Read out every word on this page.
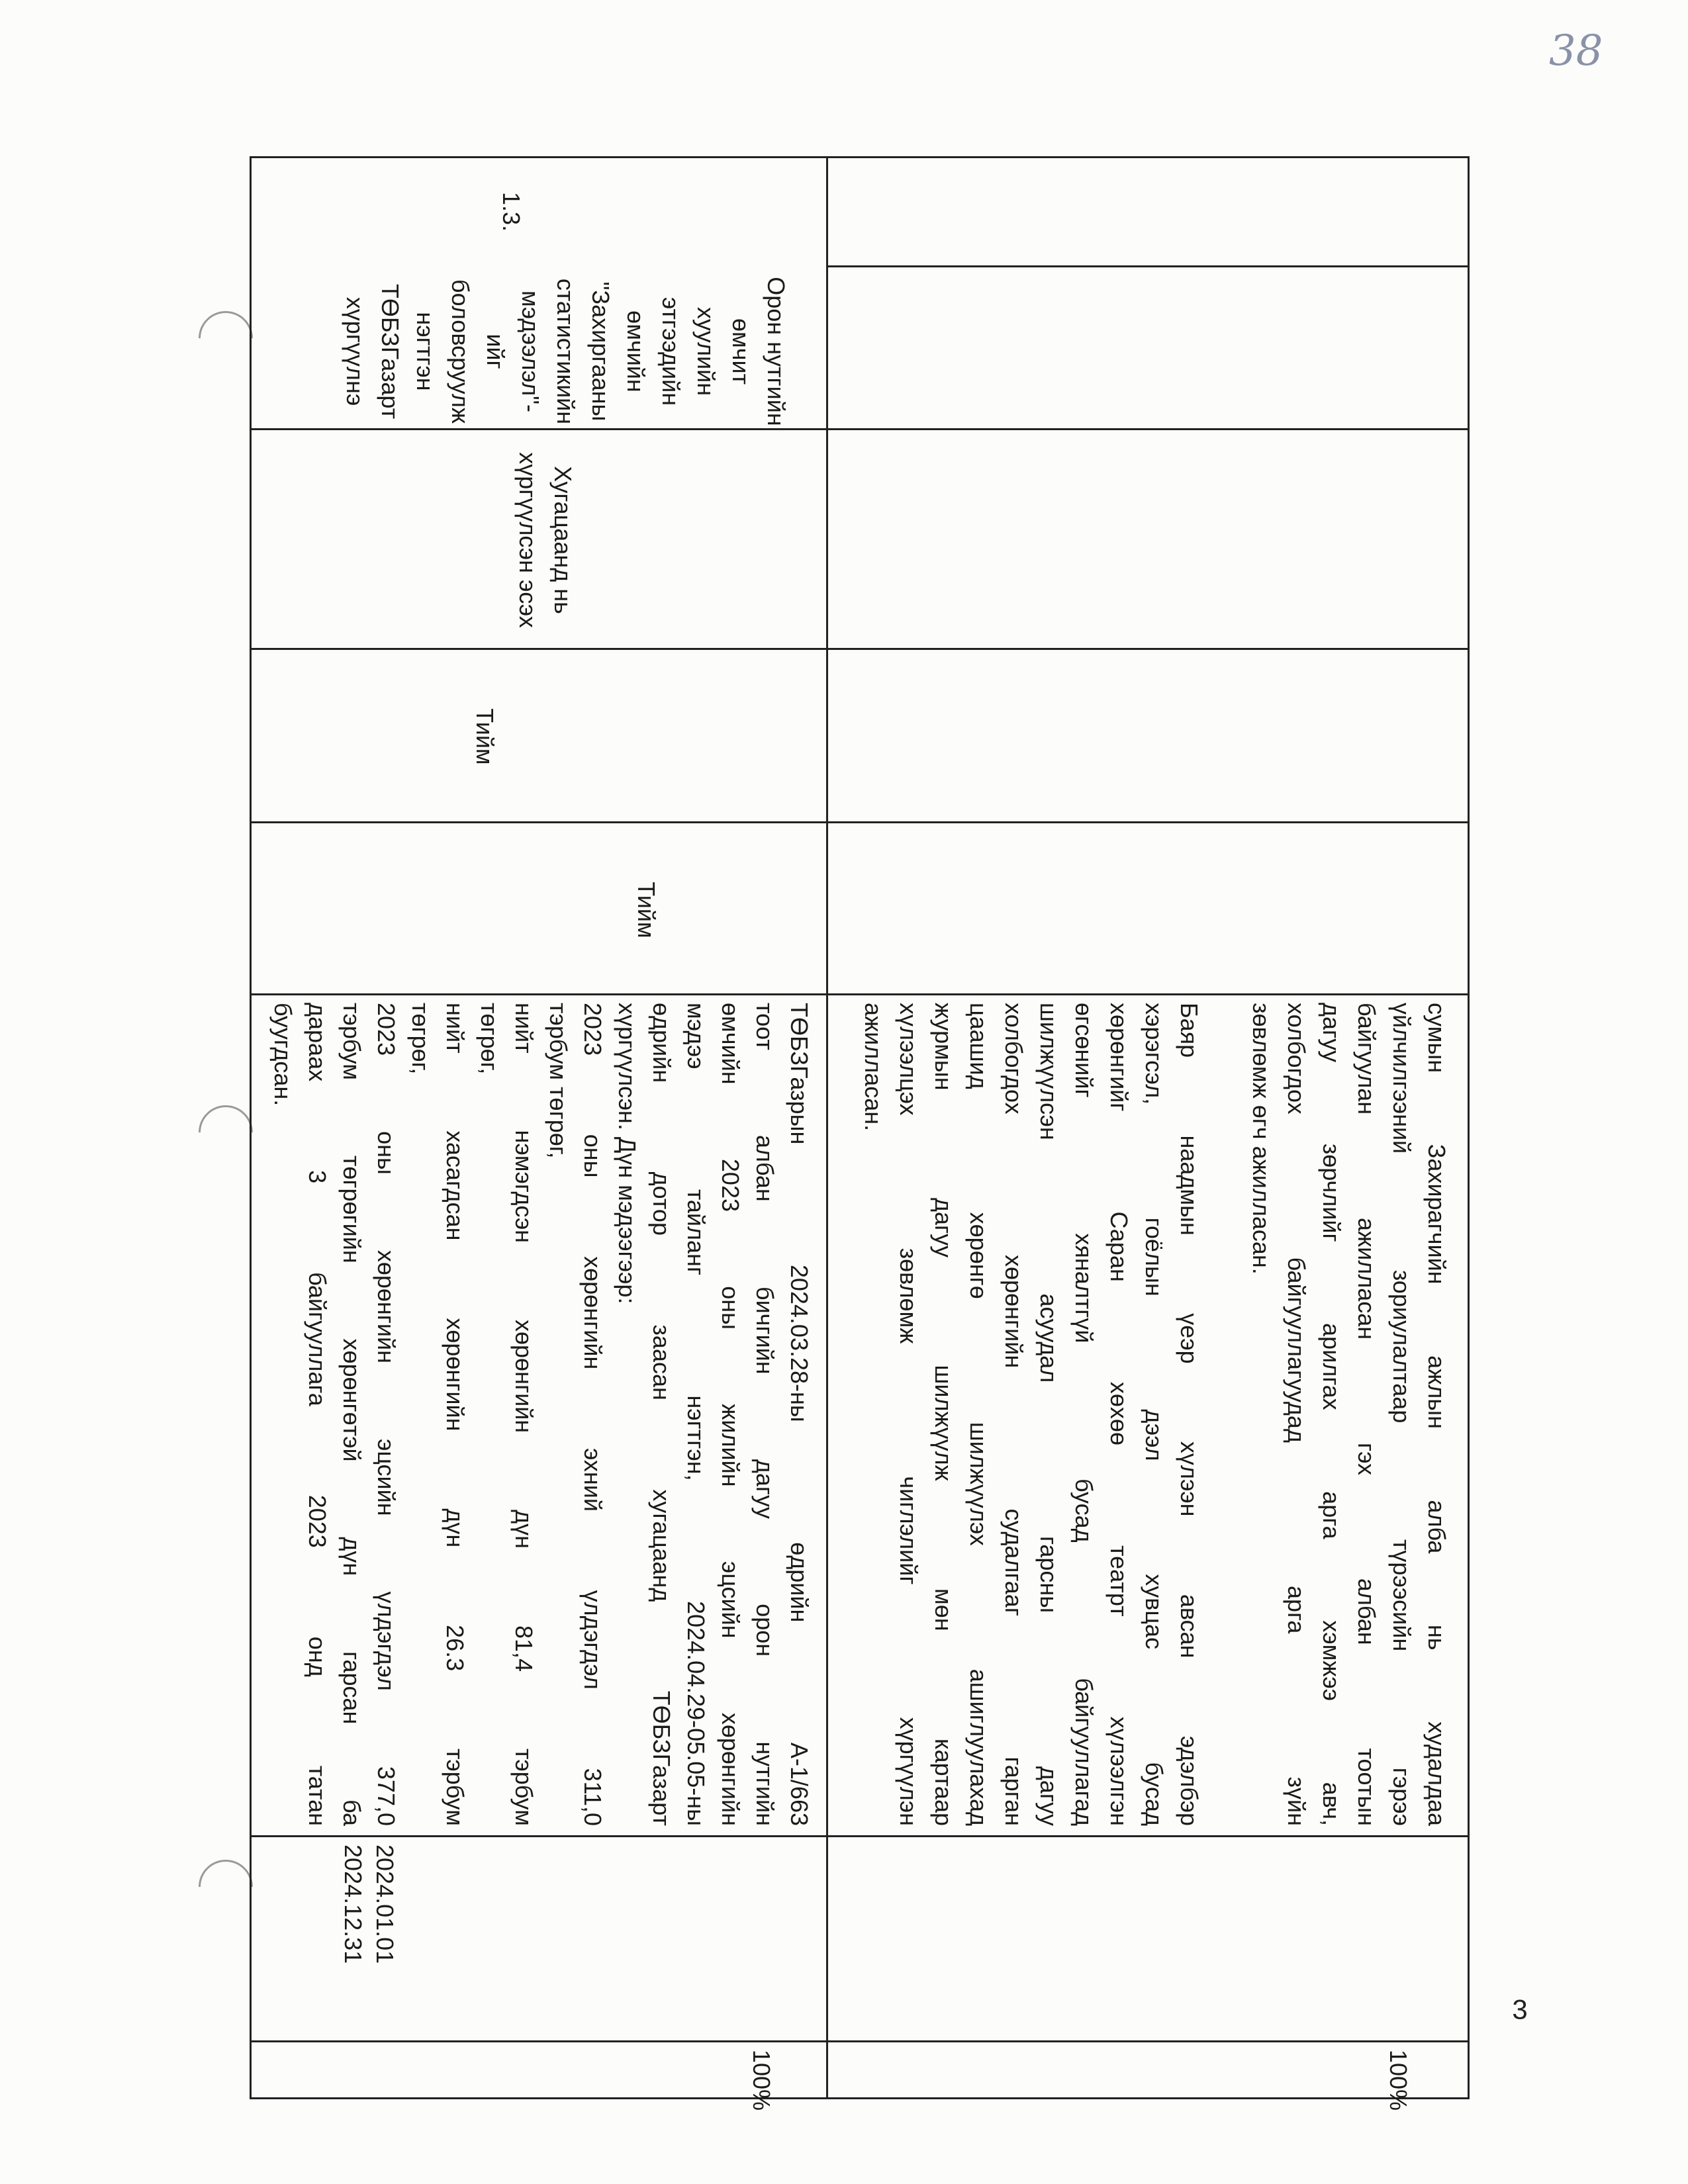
38
3
сумын Захирагчийн ажлын алба нь худалдаа
үйлчилгээний зориулалтаар түрээсийн гэрээ
байгуулан ажилласан гэх албан тоотын
дагуу зөрчлийг арилгах арга хэмжээ авч,
холбогдох байгууллагуудад арга зүйн
зөвлөмж өгч ажилласан.
Баяр наадмын үеэр хүлээн авсан эдэлбэр
хэрэгсэл, гоёлын дээл хувцас бусад
хөрөнгийг Саран хөхөө театрт хүлээлгэн
өгсөнийг хяналтгүй бусад байгууллагад
шилжүүлсэн асуудал гарсны дагуу
холбогдох хөрөнгийн судалгааг гарган
цаашид хөрөнгө шилжүүлэх ашиглуулахад
журмын дагуу шилжүүлж мөн картаар
хүлээлцэх зөвлөмж чиглэлийг хүргүүлэн
ажилласан.
100%
1.3.
Орон нутгийн
өмчит хуулийн
этгээдийн
өмчийн
"Захиргааны
статистикийн
мэдээлэл"-ийг
боловсруулж
нэгтгэн
ТӨБЗГазарт
хүргүүлнэ
Хугацаанд нь
хүргүүлсэн эсэх
Тийм
Тийм
ТӨБЗГазрын 2024.03.28-ны өдрийн А-1/663
тоот албан бичгийн дагуу орон нутгийн
өмчийн 2023 оны жилийн эцсийн хөрөнгийн
мэдээ тайланг нэгтгэн, 2024.04.29-05.05-ны
өдрийн дотор заасан хугацаанд ТӨБЗГазарт
хүргүүлсэн. Дүн мэдээгээр:
2023 оны хөрөнгийн эхний үлдэгдэл 311,0
тэрбум төгрөг,
нийт нэмэгдсэн хөрөнгийн дүн 81,4 тэрбум
төгрөг,
нийт хасагдсан хөрөнгийн дүн 26.3 тэрбум
төгрөг,
2023 оны хөрөнгийн эцсийн үлдэгдэл 377,0
тэрбум төгрөгийн хөрөнгөтэй дүн гарсан ба
дараах 3 байгууллага 2023 онд татан
буугдсан.
2024.01.01
2024.12.31
100%
